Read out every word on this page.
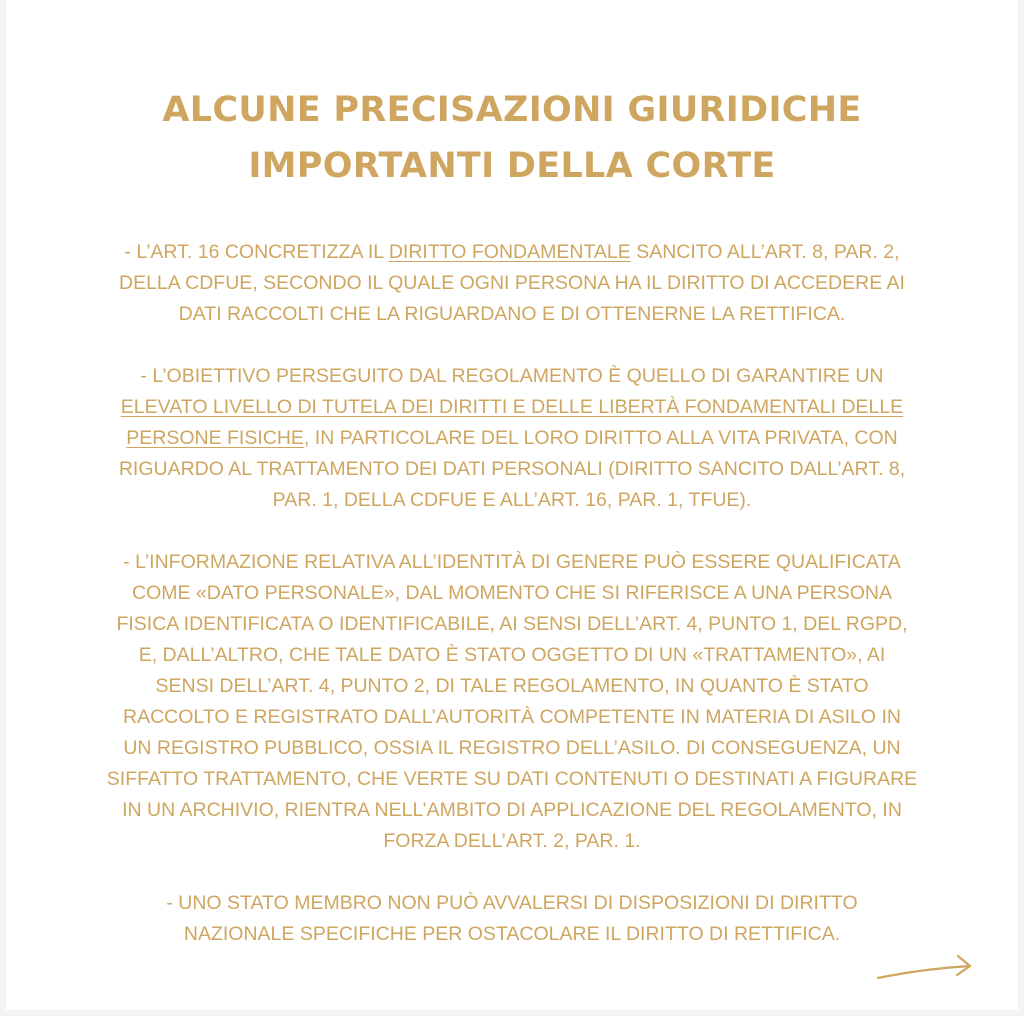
ALCUNE PRECISAZIONI GIURIDICHE
IMPORTANTI DELLA CORTE

- L’ART. 16 CONCRETIZZA IL DIRITTO FONDAMENTALE SANCITO ALL’ART. 8, PAR. 2,
DELLA CDFUE, SECONDO IL QUALE OGNI PERSONA HA IL DIRITTO DI ACCEDERE AI
DATI RACCOLTI CHE LA RIGUARDANO E DI OTTENERNE LA RETTIFICA.

- L’OBIETTIVO PERSEGUITO DAL REGOLAMENTO È QUELLO DI GARANTIRE UN
ELEVATO LIVELLO DI TUTELA DEI DIRITTI E DELLE LIBERTÀ FONDAMENTALI DELLE
PERSONE FISICHE, IN PARTICOLARE DEL LORO DIRITTO ALLA VITA PRIVATA, CON
RIGUARDO AL TRATTAMENTO DEI DATI PERSONALI (DIRITTO SANCITO DALL’ART. 8,
PAR. 1, DELLA CDFUE E ALL’ART. 16, PAR. 1, TFUE).

- L’INFORMAZIONE RELATIVA ALL’IDENTITÀ DI GENERE PUÒ ESSERE QUALIFICATA
COME «DATO PERSONALE», DAL MOMENTO CHE SI RIFERISCE A UNA PERSONA
FISICA IDENTIFICATA O IDENTIFICABILE, AI SENSI DELL’ART. 4, PUNTO 1, DEL RGPD,
E, DALL’ALTRO, CHE TALE DATO È STATO OGGETTO DI UN «TRATTAMENTO», AI
SENSI DELL’ART. 4, PUNTO 2, DI TALE REGOLAMENTO, IN QUANTO È STATO
RACCOLTO E REGISTRATO DALL’AUTORITÀ COMPETENTE IN MATERIA DI ASILO IN
UN REGISTRO PUBBLICO, OSSIA IL REGISTRO DELL’ASILO. DI CONSEGUENZA, UN
SIFFATTO TRATTAMENTO, CHE VERTE SU DATI CONTENUTI O DESTINATI A FIGURARE
IN UN ARCHIVIO, RIENTRA NELL’AMBITO DI APPLICAZIONE DEL REGOLAMENTO, IN
FORZA DELL’ART. 2, PAR. 1.

- UNO STATO MEMBRO NON PUÒ AVVALERSI DI DISPOSIZIONI DI DIRITTO
NAZIONALE SPECIFICHE PER OSTACOLARE IL DIRITTO DI RETTIFICA.
